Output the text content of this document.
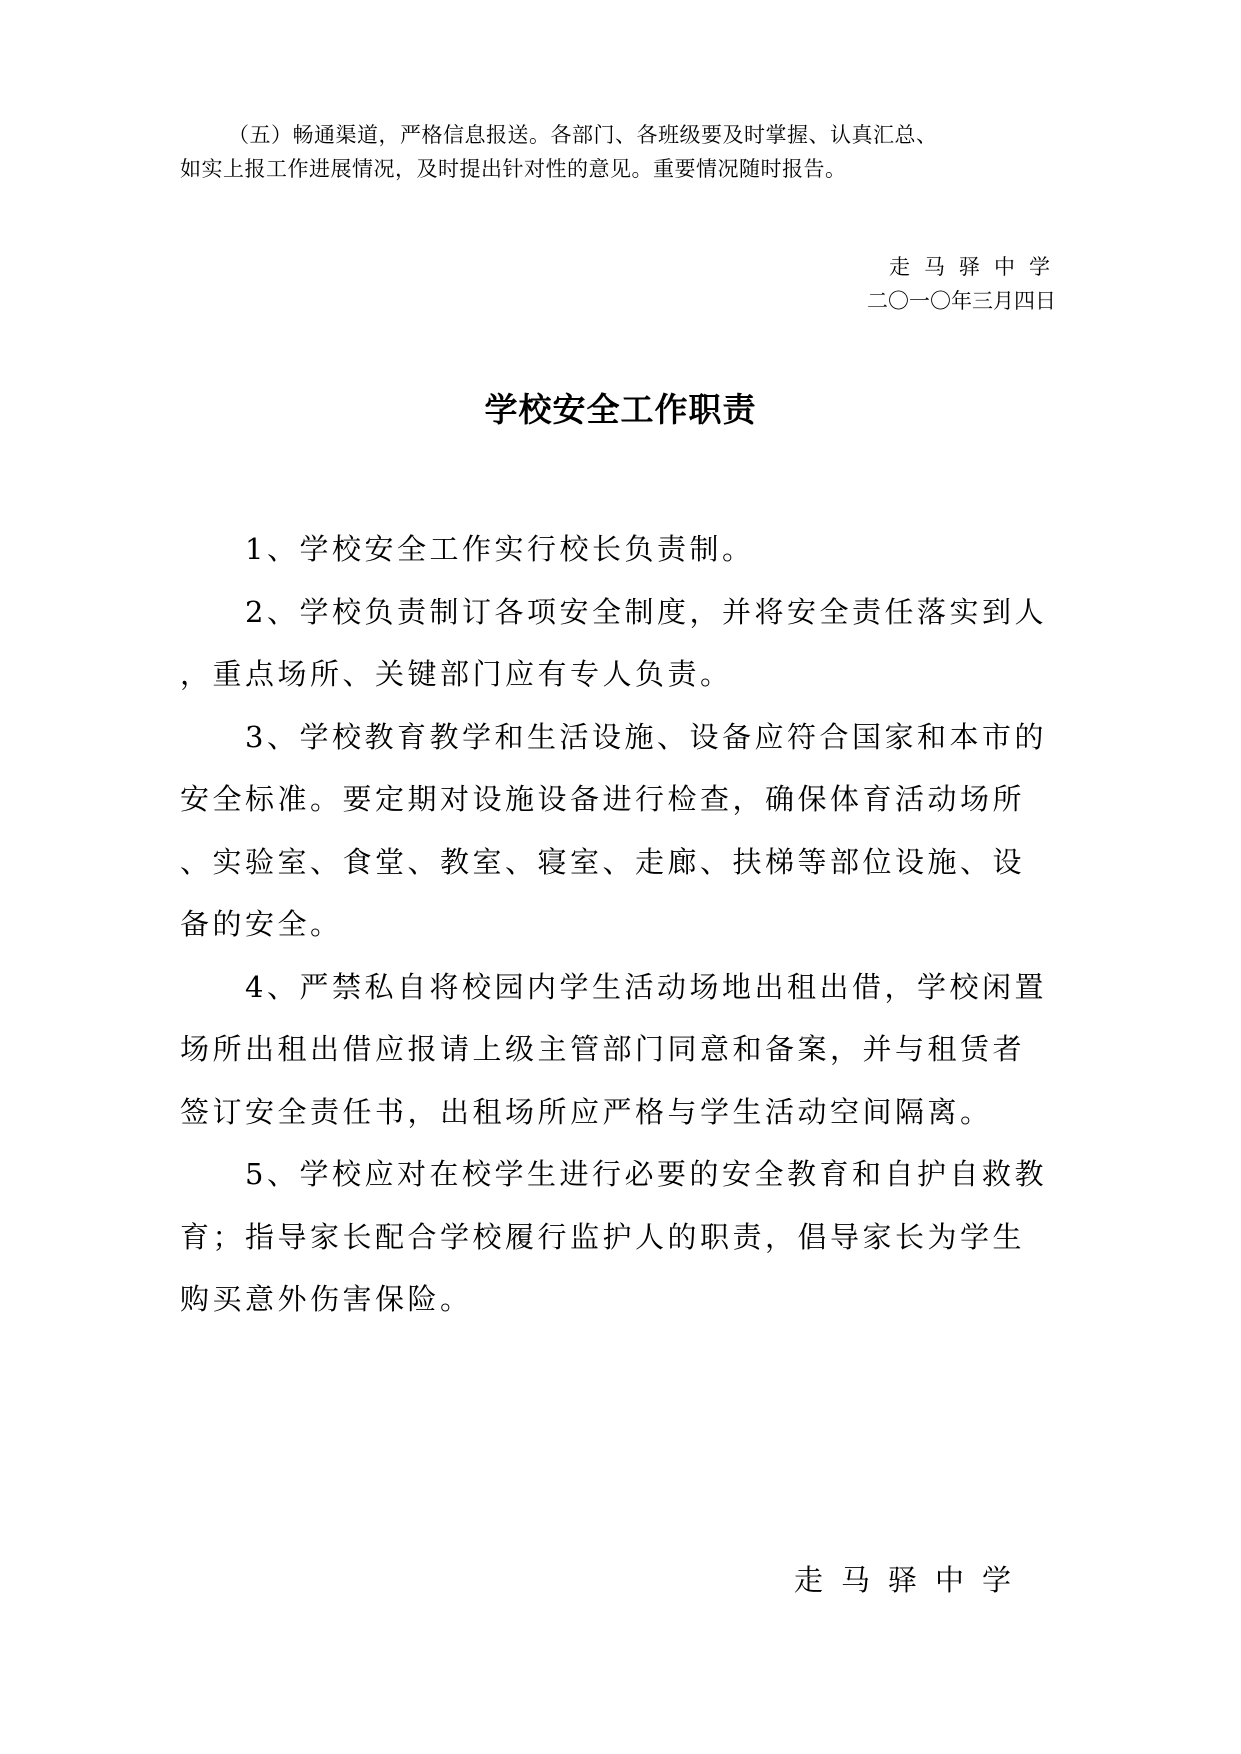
（五）畅通渠道，严格信息报送。各部门、各班级要及时掌握、认真汇总、
如实上报工作进展情况，及时提出针对性的意见。重要情况随时报告。
走马驿中学
二〇一〇年三月四日
学校安全工作职责
1、学校安全工作实行校长负责制。
2、学校负责制订各项安全制度，并将安全责任落实到人
，重点场所、关键部门应有专人负责。
3、学校教育教学和生活设施、设备应符合国家和本市的
安全标准。要定期对设施设备进行检查，确保体育活动场所
、实验室、食堂、教室、寝室、走廊、扶梯等部位设施、设
备的安全。
4、严禁私自将校园内学生活动场地出租出借，学校闲置
场所出租出借应报请上级主管部门同意和备案，并与租赁者
签订安全责任书，出租场所应严格与学生活动空间隔离。
5、学校应对在校学生进行必要的安全教育和自护自救教
育；指导家长配合学校履行监护人的职责，倡导家长为学生
购买意外伤害保险。
走马驿中学
